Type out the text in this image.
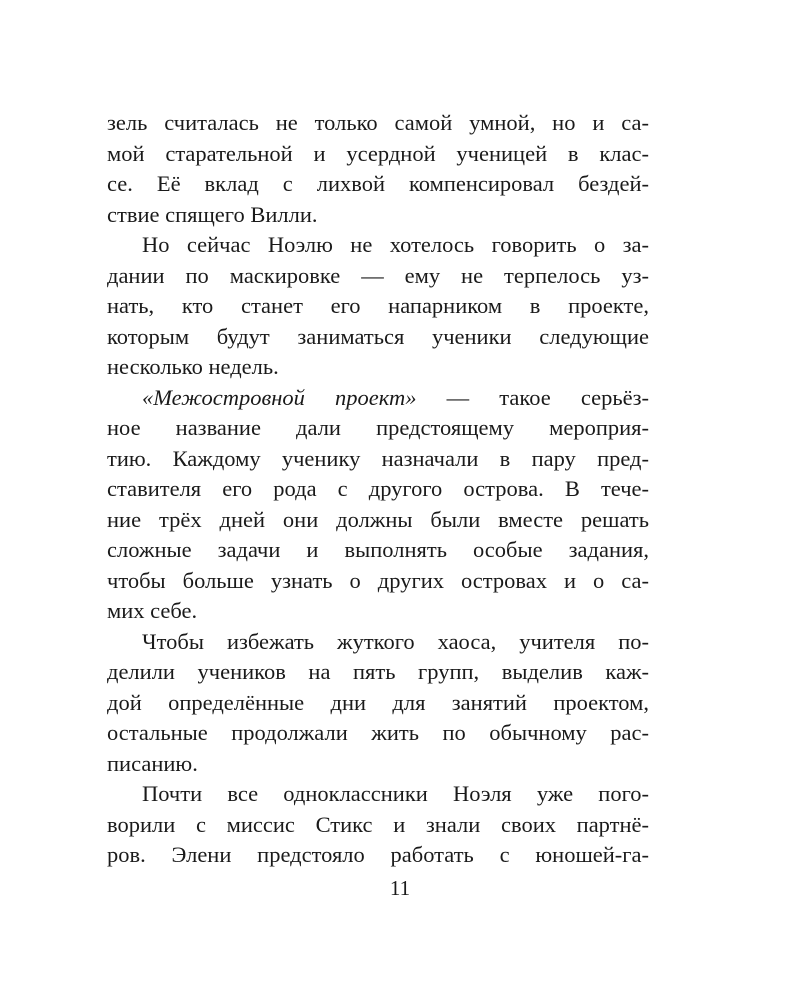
зель считалась не только самой умной, но и са-
мой старательной и усердной ученицей в клас-
се. Её вклад с лихвой компенсировал бездей-
ствие спящего Вилли.
Но сейчас Ноэлю не хотелось говорить о за-
дании по маскировке — ему не терпелось уз-
нать, кто станет его напарником в проекте,
которым будут заниматься ученики следующие
несколько недель.
«Межостровной проект» — такое серьёз-
ное название дали предстоящему мероприя-
тию. Каждому ученику назначали в пару пред-
ставителя его рода с другого острова. В тече-
ние трёх дней они должны были вместе решать
сложные задачи и выполнять особые задания,
чтобы больше узнать о других островах и о са-
мих себе.
Чтобы избежать жуткого хаоса, учителя по-
делили учеников на пять групп, выделив каж-
дой определённые дни для занятий проектом,
остальные продолжали жить по обычному рас-
писанию.
Почти все одноклассники Ноэля уже пого-
ворили с миссис Стикс и знали своих партнё-
ров. Элени предстояло работать с юношей-га-
11
